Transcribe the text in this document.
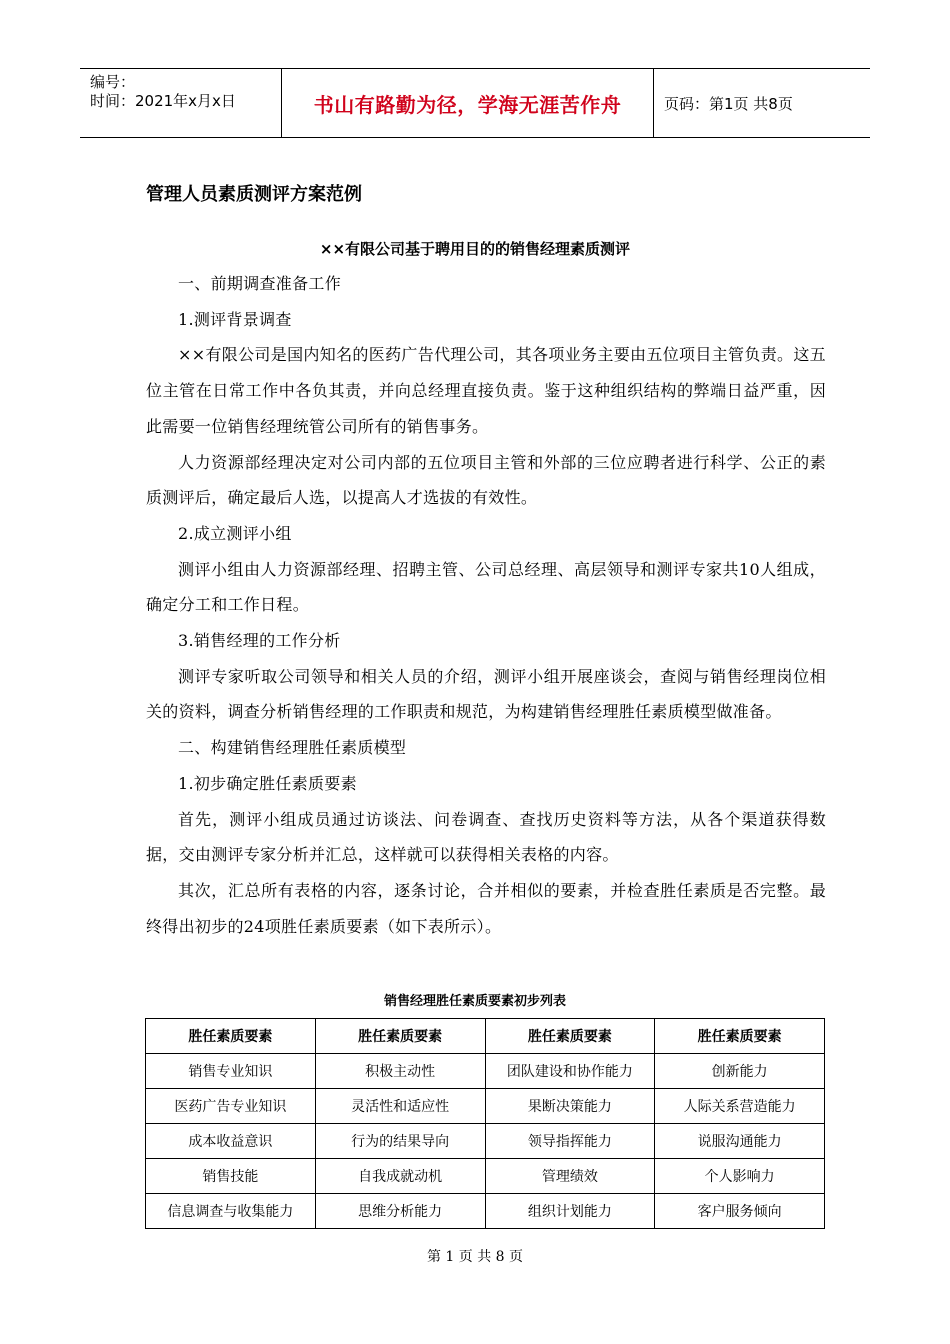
编号：
时间：2021年x月x日	书山有路勤为径，学海无涯苦作舟	页码：第1页 共8页
管理人员素质测评方案范例
××有限公司基于聘用目的的销售经理素质测评

一、前期调查准备工作

1.测评背景调查

××有限公司是国内知名的医药广告代理公司，其各项业务主要由五位项目主管负责。这五位主管在日常工作中各负其责，并向总经理直接负责。鉴于这种组织结构的弊端日益严重，因此需要一位销售经理统管公司所有的销售事务。

人力资源部经理决定对公司内部的五位项目主管和外部的三位应聘者进行科学、公正的素质测评后，确定最后人选，以提高人才选拔的有效性。

2.成立测评小组

测评小组由人力资源部经理、招聘主管、公司总经理、高层领导和测评专家共10人组成，确定分工和工作日程。

3.销售经理的工作分析

测评专家听取公司领导和相关人员的介绍，测评小组开展座谈会，查阅与销售经理岗位相关的资料，调查分析销售经理的工作职责和规范，为构建销售经理胜任素质模型做准备。

二、构建销售经理胜任素质模型

1.初步确定胜任素质要素

首先，测评小组成员通过访谈法、问卷调查、查找历史资料等方法，从各个渠道获得数据，交由测评专家分析并汇总，这样就可以获得相关表格的内容。

其次，汇总所有表格的内容，逐条讨论，合并相似的要素，并检查胜任素质是否完整。最终得出初步的24项胜任素质要素（如下表所示）。

销售经理胜任素质要素初步列表
胜任素质要素	胜任素质要素	胜任素质要素	胜任素质要素
销售专业知识	积极主动性	团队建设和协作能力	创新能力
医药广告专业知识	灵活性和适应性	果断决策能力	人际关系营造能力
成本收益意识	行为的结果导向	领导指挥能力	说服沟通能力
销售技能	自我成就动机	管理绩效	个人影响力
信息调查与收集能力	思维分析能力	组织计划能力	客户服务倾向
第 1 页 共 8 页
